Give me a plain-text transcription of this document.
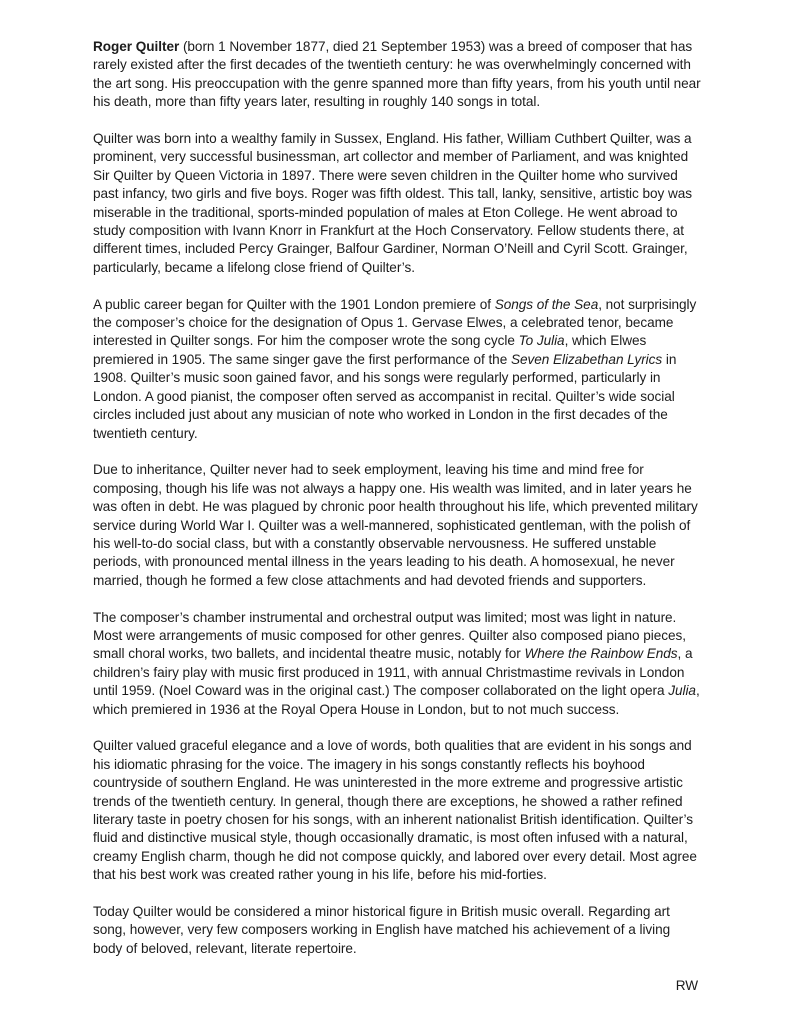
Roger Quilter (born 1 November 1877, died 21 September 1953) was a breed of composer that has rarely existed after the first decades of the twentieth century: he was overwhelmingly concerned with the art song. His preoccupation with the genre spanned more than fifty years, from his youth until near his death, more than fifty years later, resulting in roughly 140 songs in total.

Quilter was born into a wealthy family in Sussex, England. His father, William Cuthbert Quilter, was a prominent, very successful businessman, art collector and member of Parliament, and was knighted Sir Quilter by Queen Victoria in 1897. There were seven children in the Quilter home who survived past infancy, two girls and five boys. Roger was fifth oldest. This tall, lanky, sensitive, artistic boy was miserable in the traditional, sports-minded population of males at Eton College. He went abroad to study composition with Ivann Knorr in Frankfurt at the Hoch Conservatory. Fellow students there, at different times, included Percy Grainger, Balfour Gardiner, Norman O’Neill and Cyril Scott. Grainger, particularly, became a lifelong close friend of Quilter’s.

A public career began for Quilter with the 1901 London premiere of Songs of the Sea, not surprisingly the composer’s choice for the designation of Opus 1. Gervase Elwes, a celebrated tenor, became interested in Quilter songs. For him the composer wrote the song cycle To Julia, which Elwes premiered in 1905. The same singer gave the first performance of the Seven Elizabethan Lyrics in 1908. Quilter’s music soon gained favor, and his songs were regularly performed, particularly in London. A good pianist, the composer often served as accompanist in recital. Quilter’s wide social circles included just about any musician of note who worked in London in the first decades of the twentieth century.

Due to inheritance, Quilter never had to seek employment, leaving his time and mind free for composing, though his life was not always a happy one. His wealth was limited, and in later years he was often in debt. He was plagued by chronic poor health throughout his life, which prevented military service during World War I. Quilter was a well-mannered, sophisticated gentleman, with the polish of his well-to-do social class, but with a constantly observable nervousness. He suffered unstable periods, with pronounced mental illness in the years leading to his death. A homosexual, he never married, though he formed a few close attachments and had devoted friends and supporters.

The composer’s chamber instrumental and orchestral output was limited; most was light in nature. Most were arrangements of music composed for other genres. Quilter also composed piano pieces, small choral works, two ballets, and incidental theatre music, notably for Where the Rainbow Ends, a children’s fairy play with music first produced in 1911, with annual Christmastime revivals in London until 1959. (Noel Coward was in the original cast.) The composer collaborated on the light opera Julia, which premiered in 1936 at the Royal Opera House in London, but to not much success.

Quilter valued graceful elegance and a love of words, both qualities that are evident in his songs and his idiomatic phrasing for the voice. The imagery in his songs constantly reflects his boyhood countryside of southern England. He was uninterested in the more extreme and progressive artistic trends of the twentieth century. In general, though there are exceptions, he showed a rather refined literary taste in poetry chosen for his songs, with an inherent nationalist British identification. Quilter’s fluid and distinctive musical style, though occasionally dramatic, is most often infused with a natural, creamy English charm, though he did not compose quickly, and labored over every detail. Most agree that his best work was created rather young in his life, before his mid-forties.

Today Quilter would be considered a minor historical figure in British music overall. Regarding art song, however, very few composers working in English have matched his achievement of a living body of beloved, relevant, literate repertoire.

RW
